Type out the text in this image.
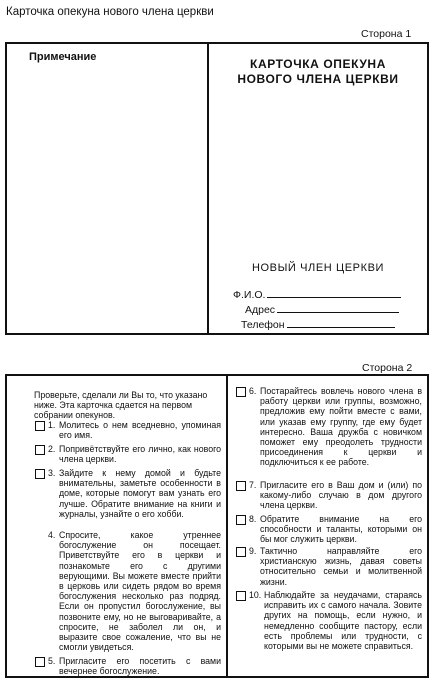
Карточка опекуна нового члена церкви
Сторона 1
Примечание	КАРТОЧКА ОПЕКУНА НОВОГО ЧЛЕНА ЦЕРКВИ
НОВЫЙ ЧЛЕН ЦЕРКВИ
Ф.И.О.
Адрес
Телефон
Сторона 2
Проверьте, сделали ли Вы то, что указано ниже. Эта карточка сдается на первом собрании опекунов.
1. Молитесь о нем вседневно, упоминая его имя.
2. Попривётствуйте его лично, как нового члена церкви.
3. Зайдите к нему домой и будьте внимательны, заметьте особенности в доме, которые помогут вам узнать его лучше. Обратите внимание на книги и журналы, узнайте о его хобби.
4. Спросите, какое утреннее богослужение он посещает. Приветствуйте его в церкви и познакомьте его с другими верующими. Вы можете вместе прийти в церковь или сидеть рядом во время богослужения несколько раз подряд. Если он пропустил богослужение, вы позвоните ему, но не выговаривайте, а спросите, не заболел ли он, и выразите свое сожаление, что вы не смогли увидеться.
5. Пригласите его посетить с вами вечернее богослужение.
6. Постарайтесь вовлечь нового члена в работу церкви или группы, возможно, предложив ему пойти вместе с вами, или указав ему группу, где ему будет интересно. Ваша дружба с новичком поможет ему преодолеть трудности присоединения к церкви и подключиться к ее работе.
7. Пригласите его в Ваш дом и (или) по какому-либо случаю в дом другого члена церкви.
8. Обратите внимание на его способности и таланты, которыми он бы мог служить церкви.
9. Тактично направляйте его христианскую жизнь, давая советы относительно семьи и молитвенной жизни.
10. Наблюдайте за неудачами, стараясь исправить их с самого начала. Зовите других на помощь, если нужно, и немедленно сообщите пастору, если есть проблемы или трудности, с которыми вы не можете справиться.
